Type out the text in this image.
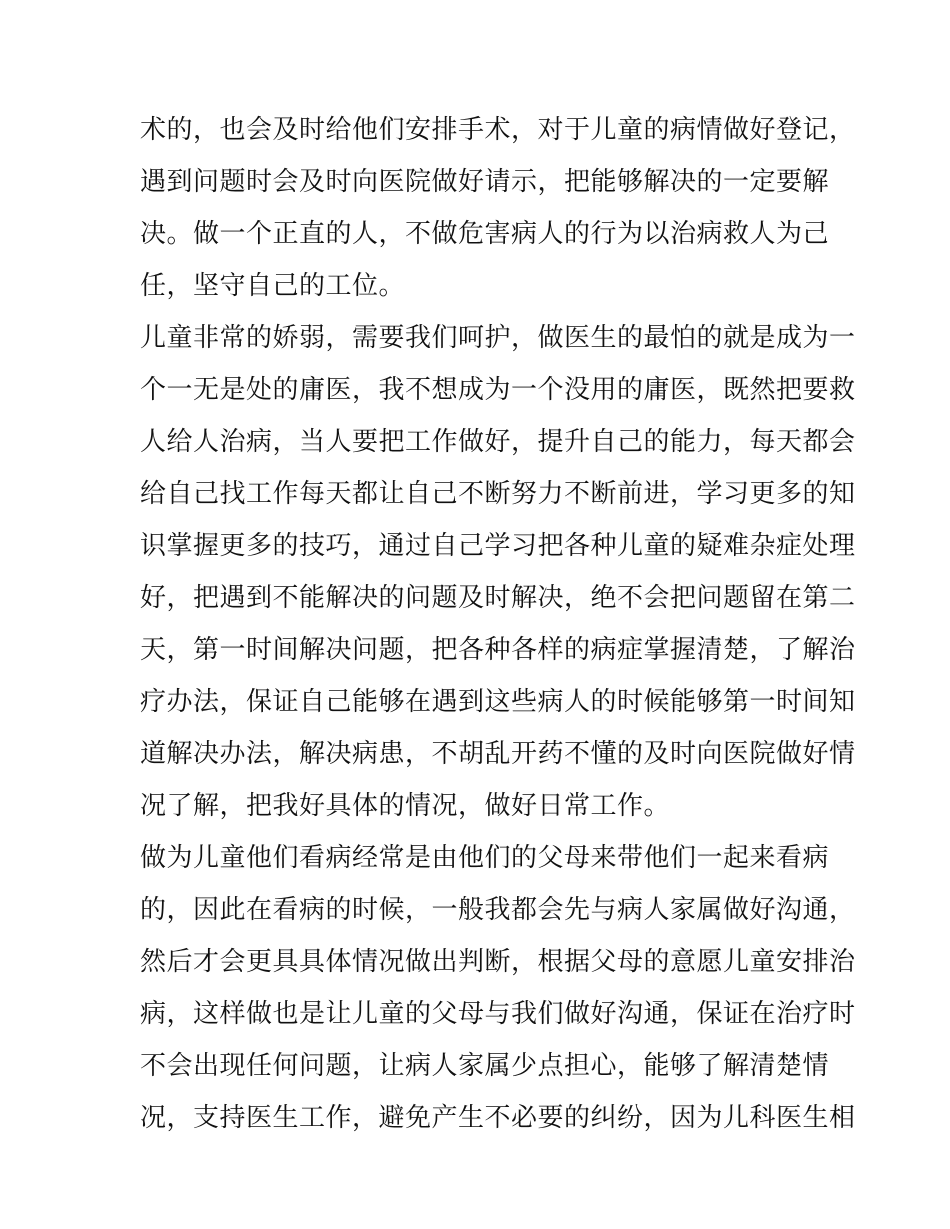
术的，也会及时给他们安排手术，对于儿童的病情做好登记，
遇到问题时会及时向医院做好请示，把能够解决的一定要解
决。做一个正直的人，不做危害病人的行为以治病救人为己
任，坚守自己的工位。
儿童非常的娇弱，需要我们呵护，做医生的最怕的就是成为一
个一无是处的庸医，我不想成为一个没用的庸医，既然把要救
人给人治病，当人要把工作做好，提升自己的能力，每天都会
给自己找工作每天都让自己不断努力不断前进，学习更多的知
识掌握更多的技巧，通过自己学习把各种儿童的疑难杂症处理
好，把遇到不能解决的问题及时解决，绝不会把问题留在第二
天，第一时间解决问题，把各种各样的病症掌握清楚，了解治
疗办法，保证自己能够在遇到这些病人的时候能够第一时间知
道解决办法，解决病患，不胡乱开药不懂的及时向医院做好情
况了解，把我好具体的情况，做好日常工作。
做为儿童他们看病经常是由他们的父母来带他们一起来看病
的，因此在看病的时候，一般我都会先与病人家属做好沟通，
然后才会更具具体情况做出判断，根据父母的意愿儿童安排治
病，这样做也是让儿童的父母与我们做好沟通，保证在治疗时
不会出现任何问题，让病人家属少点担心，能够了解清楚情
况，支持医生工作，避免产生不必要的纠纷，因为儿科医生相
